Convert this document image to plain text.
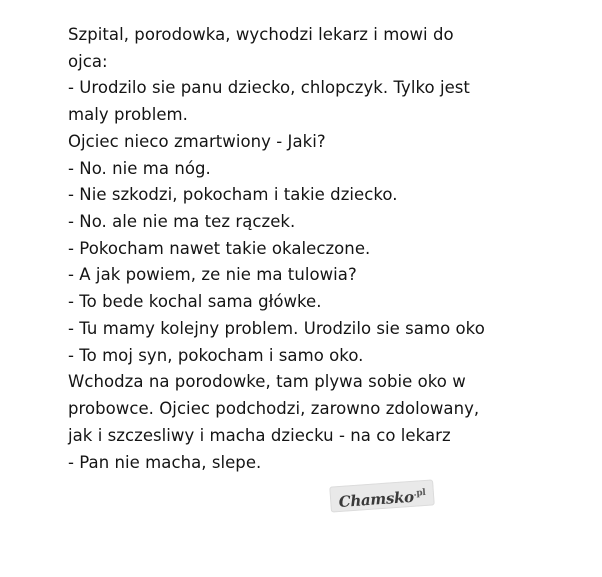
Szpital, porodowka, wychodzi lekarz i mowi do ojca:

- Urodzilo sie panu dziecko, chlopczyk. Tylko jest maly problem.

Ojciec nieco zmartwiony - Jaki?

- No. nie ma nóg.

- Nie szkodzi, pokocham i takie dziecko.

- No. ale nie ma tez rączek.

- Pokocham nawet takie okaleczone.

- A jak powiem, ze nie ma tulowia?

- To bede kochal sama główke.

- Tu mamy kolejny problem. Urodzilo sie samo oko

- To moj syn, pokocham i samo oko.

Wchodza na porodowke, tam plywa sobie oko w probowce. Ojciec podchodzi, zarowno zdolowany, jak i szczesliwy i macha dziecku - na co lekarz

- Pan nie macha, slepe.

Chamsko$^{.pl}$
